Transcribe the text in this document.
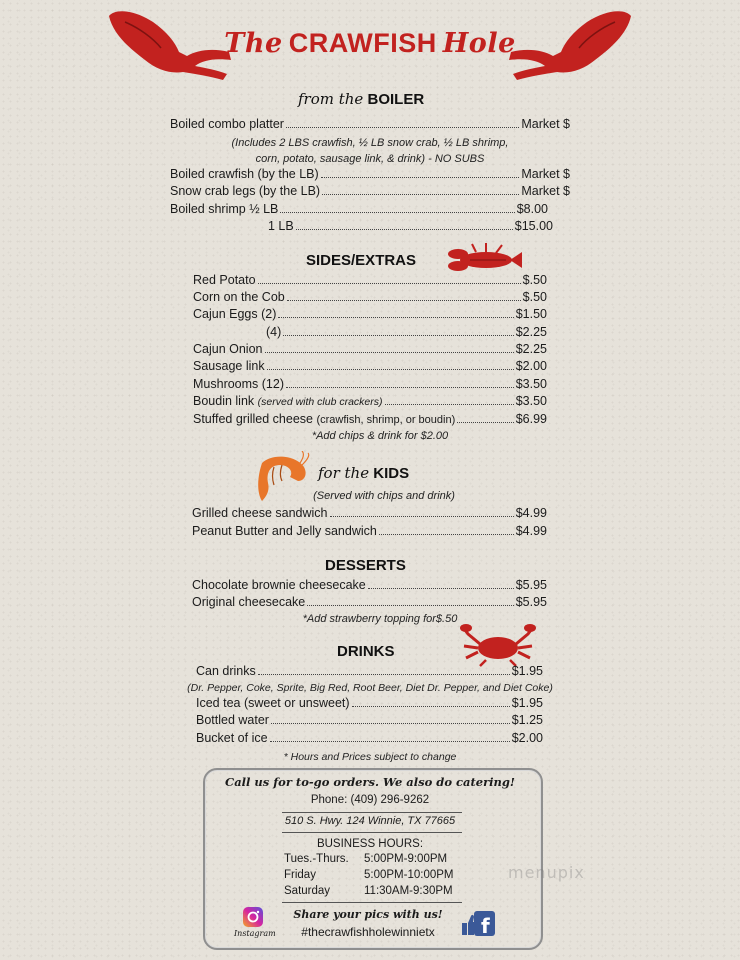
The CRAWFISH Hole
from the BOILER
Boiled combo platter	Market $
(Includes 2 LBS crawfish, ½ LB snow crab, ½ LB shrimp,
corn, potato, sausage link, & drink) - NO SUBS
Boiled crawfish (by the LB)	Market $
Snow crab legs (by the LB)	Market $
Boiled shrimp ½ LB	$8.00
1 LB	$15.00
SIDES/EXTRAS
Red Potato	$.50
Corn on the Cob	$.50
Cajun Eggs (2)	$1.50
(4)	$2.25
Cajun Onion	$2.25
Sausage link	$2.00
Mushrooms (12)	$3.50
Boudin link
(served with club crackers)	$3.50
Stuffed grilled cheese
(crawfish, shrimp, or boudin)	$6.99
*Add chips & drink for $2.00
for the KIDS
(Served with chips and drink)
Grilled cheese sandwich	$4.99
Peanut Butter and Jelly sandwich	$4.99
DESSERTS
Chocolate brownie cheesecake	$5.95
Original cheesecake	$5.95
*Add strawberry topping for$.50
DRINKS
Can drinks	$1.95
(Dr. Pepper, Coke, Sprite, Big Red, Root Beer, Diet Dr. Pepper, and Diet Coke)
Iced tea (sweet or unsweet)	$1.95
Bottled water	$1.25
Bucket of ice	$2.00
* Hours and Prices subject to change
Call us for to-go orders. We also do catering!
Phone: (409) 296-9262
510 S. Hwy. 124 Winnie, TX 77665
BUSINESS HOURS:
Tues.-Thurs. 5:00PM-9:00PM
Friday	5:00PM-10:00PM
Saturday	11:30AM-9:30PM
Instagram
Share your pics with us!
#thecrawfishholewinnietx	f
menupix
